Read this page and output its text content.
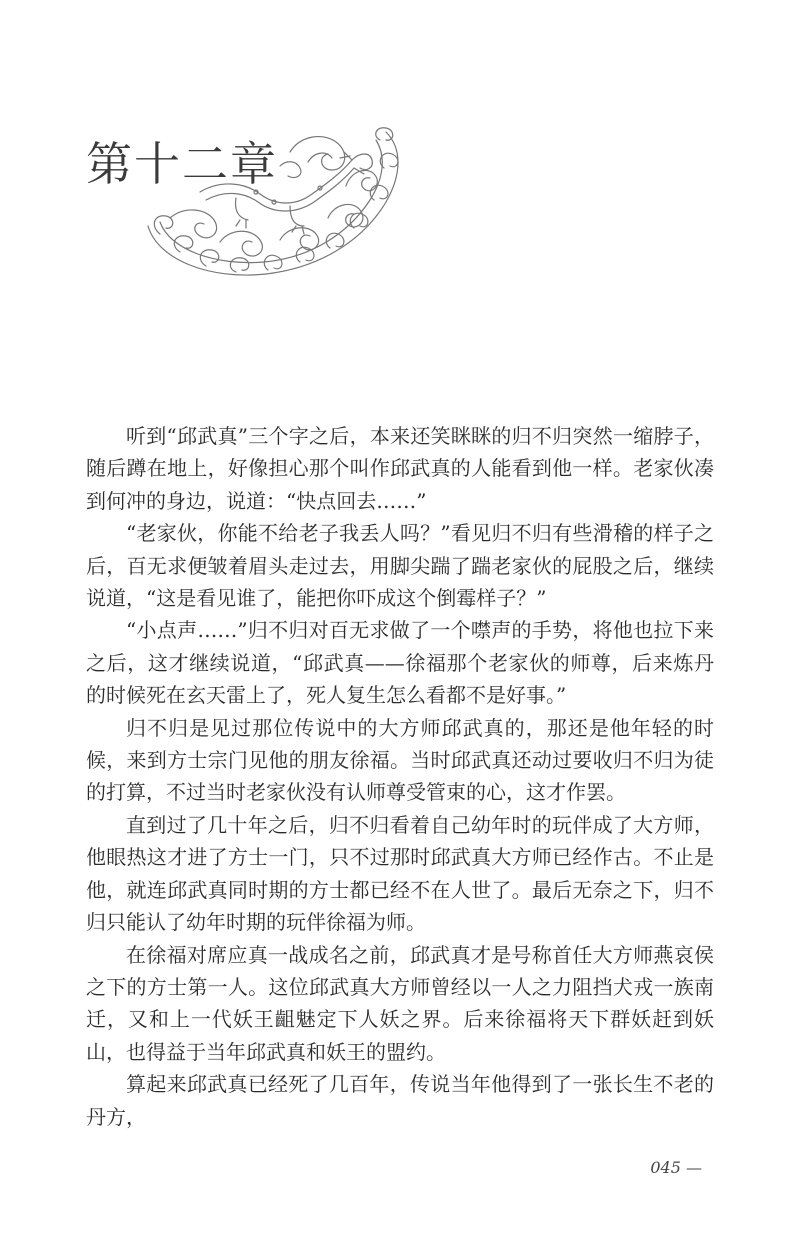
第十二章

听到“邱武真”三个字之后，本来还笑眯眯的归不归突然一缩脖子，随后蹲在地上，好像担心那个叫作邱武真的人能看到他一样。老家伙凑到何冲的身边，说道：“快点回去……”

“老家伙，你能不给老子我丢人吗？”看见归不归有些滑稽的样子之后，百无求便皱着眉头走过去，用脚尖踹了踹老家伙的屁股之后，继续说道，“这是看见谁了，能把你吓成这个倒霉样子？”

“小点声……”归不归对百无求做了一个噤声的手势，将他也拉下来之后，这才继续说道，“邱武真——徐福那个老家伙的师尊，后来炼丹的时候死在玄天雷上了，死人复生怎么看都不是好事。”

归不归是见过那位传说中的大方师邱武真的，那还是他年轻的时候，来到方士宗门见他的朋友徐福。当时邱武真还动过要收归不归为徒的打算，不过当时老家伙没有认师尊受管束的心，这才作罢。

直到过了几十年之后，归不归看着自己幼年时的玩伴成了大方师，他眼热这才进了方士一门，只不过那时邱武真大方师已经作古。不止是他，就连邱武真同时期的方士都已经不在人世了。最后无奈之下，归不归只能认了幼年时期的玩伴徐福为师。

在徐福对席应真一战成名之前，邱武真才是号称首任大方师燕哀侯之下的方士第一人。这位邱武真大方师曾经以一人之力阻挡犬戎一族南迁，又和上一代妖王齟魅定下人妖之界。后来徐福将天下群妖赶到妖山，也得益于当年邱武真和妖王的盟约。

算起来邱武真已经死了几百年，传说当年他得到了一张长生不老的丹方，

045 —
